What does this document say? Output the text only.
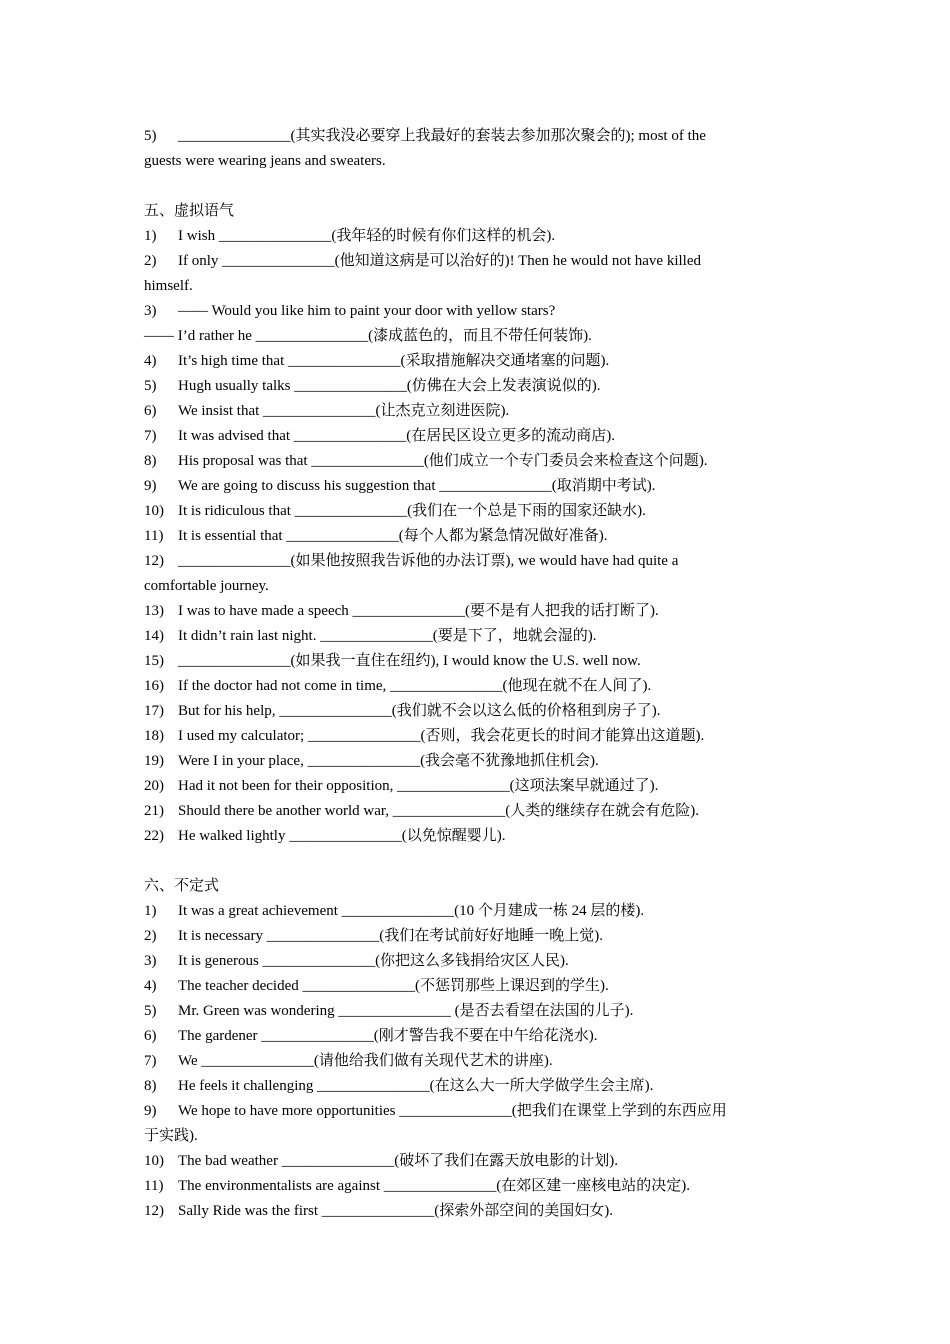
5)	_______________(其实我没必要穿上我最好的套装去参加那次聚会的); most of the
guests were wearing jeans and sweaters.
五、虚拟语气
1)	I wish _______________(我年轻的时候有你们这样的机会).
2)	If only _______________(他知道这病是可以治好的)! Then he would not have killed
himself.
3)	—— Would you like him to paint your door with yellow stars?
—— I’d rather he _______________(漆成蓝色的，而且不带任何装饰).
4)	It’s high time that _______________(采取措施解决交通堵塞的问题).
5)	Hugh usually talks _______________(仿佛在大会上发表演说似的).
6)	We insist that _______________(让杰克立刻进医院).
7)	It was advised that _______________(在居民区设立更多的流动商店).
8)	His proposal was that _______________(他们成立一个专门委员会来检查这个问题).
9)	We are going to discuss his suggestion that _______________(取消期中考试).
10) It is ridiculous that _______________(我们在一个总是下雨的国家还缺水).
11) It is essential that _______________(每个人都为紧急情况做好准备).
12) _______________(如果他按照我告诉他的办法订票), we would have had quite a
comfortable journey.
13) I was to have made a speech _______________(要不是有人把我的话打断了).
14) It didn’t rain last night. _______________(要是下了，地就会湿的).
15) _______________(如果我一直住在纽约), I would know the U.S. well now.
16) If the doctor had not come in time, _______________(他现在就不在人间了).
17) But for his help, _______________(我们就不会以这么低的价格租到房子了).
18) I used my calculator; _______________(否则，我会花更长的时间才能算出这道题).
19) Were I in your place, _______________(我会毫不犹豫地抓住机会).
20) Had it not been for their opposition, _______________(这项法案早就通过了).
21) Should there be another world war, _______________(人类的继续存在就会有危险).
22) He walked lightly _______________(以免惊醒婴儿).
六、不定式
1)	It was a great achievement _______________(10 个月建成一栋 24 层的楼).
2)	It is necessary _______________(我们在考试前好好地睡一晚上觉).
3)	It is generous _______________(你把这么多钱捐给灾区人民).
4)	The teacher decided _______________(不惩罚那些上课迟到的学生).
5)	Mr. Green was wondering _______________ (是否去看望在法国的儿子).
6)	The gardener _______________(刚才警告我不要在中午给花浇水).
7)	We _______________(请他给我们做有关现代艺术的讲座).
8)	He feels it challenging _______________(在这么大一所大学做学生会主席).
9)	We hope to have more opportunities _______________(把我们在课堂上学到的东西应用
于实践).
10) The bad weather _______________(破坏了我们在露天放电影的计划).
11) The environmentalists are against _______________(在郊区建一座核电站的决定).
12) Sally Ride was the first _______________(探索外部空间的美国妇女).
